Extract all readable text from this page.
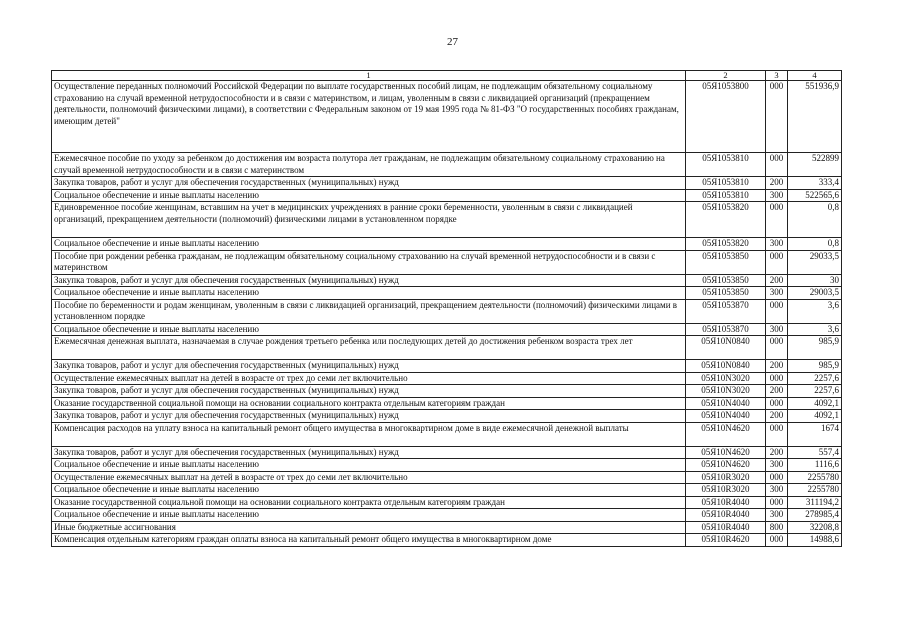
27
1	2	3	4
Осуществление переданных полномочий Российской Федерации по выплате государственных пособий лицам, не подлежащим обязательному социальному страхованию на случай временной нетрудоспособности и в связи с материнством, и лицам, уволенным в связи с ликвидацией организаций (прекращением деятельности, полномочий физическими лицами), в соответствии с Федеральным законом от 19 мая 1995 года № 81-ФЗ "О государственных пособиях гражданам, имеющим детей"	05Я1053800	000	551936,9
Ежемесячное пособие по уходу за ребенком до достижения им возраста полутора лет гражданам, не подлежащим обязательному социальному страхованию на случай временной нетрудоспособности и в связи с материнством	05Я1053810	000	522899
Закупка товаров, работ и услуг для обеспечения государственных (муниципальных) нужд	05Я1053810	200	333,4
Социальное обеспечение и иные выплаты населению	05Я1053810	300	522565,6
Единовременное пособие женщинам, вставшим на учет в медицинских учреждениях в ранние сроки беременности, уволенным в связи с ликвидацией организаций, прекращением деятельности (полномочий) физическими лицами в установленном порядке	05Я1053820	000	0,8
Социальное обеспечение и иные выплаты населению	05Я1053820	300	0,8
Пособие при рождении ребенка гражданам, не подлежащим обязательному социальному страхованию на случай временной нетрудоспособности и в связи с материнством	05Я1053850	000	29033,5
Закупка товаров, работ и услуг для обеспечения государственных (муниципальных) нужд	05Я1053850	200	30
Социальное обеспечение и иные выплаты населению	05Я1053850	300	29003,5
Пособие по беременности и родам женщинам, уволенным в связи с ликвидацией организаций, прекращением деятельности (полномочий) физическими лицами в установленном порядке	05Я1053870	000	3,6
Социальное обеспечение и иные выплаты населению	05Я1053870	300	3,6
Ежемесячная денежная выплата, назначаемая в случае рождения третьего ребенка или последующих детей до достижения ребенком возраста трех лет	05Я10N0840	000	985,9
Закупка товаров, работ и услуг для обеспечения государственных (муниципальных) нужд	05Я10N0840	200	985,9
Осуществление ежемесячных выплат на детей в возрасте от трех до семи лет включительно	05Я10N3020	000	2257,6
Закупка товаров, работ и услуг для обеспечения государственных (муниципальных) нужд	05Я10N3020	200	2257,6
Оказание государственной социальной помощи на основании социального контракта отдельным категориям граждан	05Я10N4040	000	4092,1
Закупка товаров, работ и услуг для обеспечения государственных (муниципальных) нужд	05Я10N4040	200	4092,1
Компенсация расходов на уплату взноса на капитальный ремонт общего имущества в многоквартирном доме в виде ежемесячной денежной выплаты	05Я10N4620	000	1674
Закупка товаров, работ и услуг для обеспечения государственных (муниципальных) нужд	05Я10N4620	200	557,4
Социальное обеспечение и иные выплаты населению	05Я10N4620	300	1116,6
Осуществление ежемесячных выплат на детей в возрасте от трех до семи лет включительно	05Я10R3020	000	2255780
Социальное обеспечение и иные выплаты населению	05Я10R3020	300	2255780
Оказание государственной социальной помощи на основании социального контракта отдельным категориям граждан	05Я10R4040	000	311194,2
Социальное обеспечение и иные выплаты населению	05Я10R4040	300	278985,4
Иные бюджетные ассигнования	05Я10R4040	800	32208,8
Компенсация отдельным категориям граждан оплаты взноса на капитальный ремонт общего имущества в многоквартирном доме	05Я10R4620	000	14988,6
